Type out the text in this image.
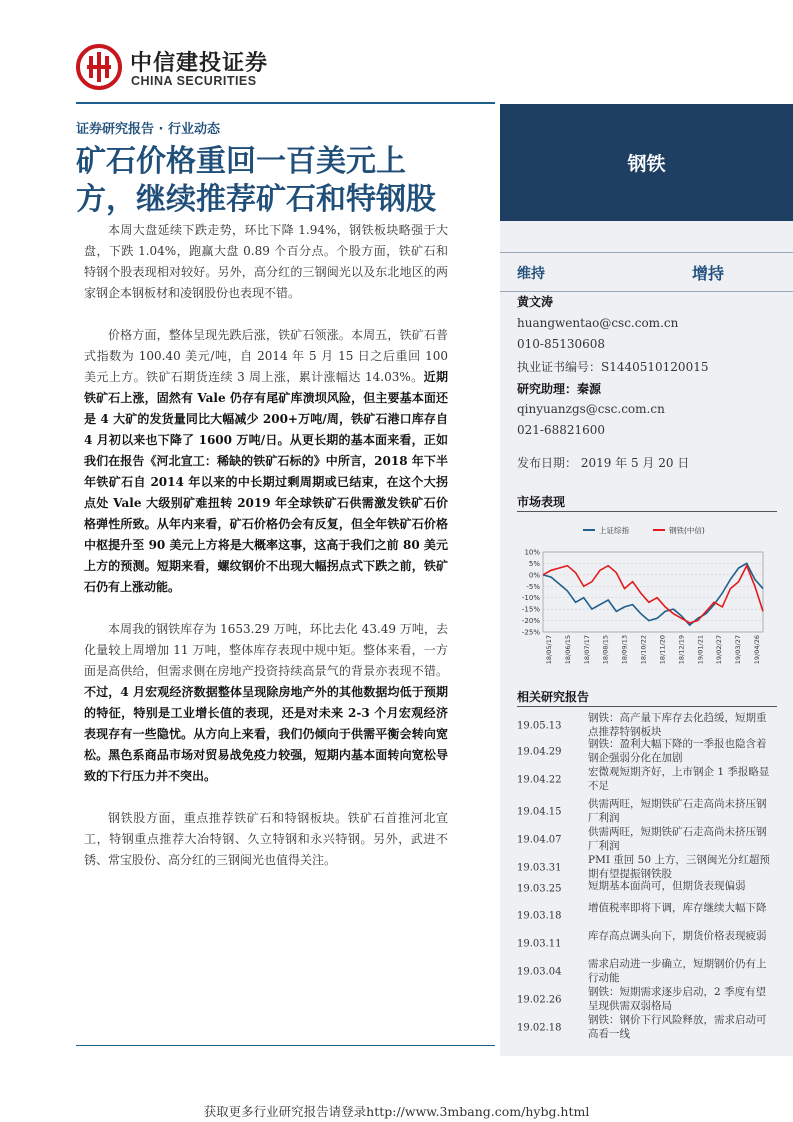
中信建投证券
CHINA SECURITIES
证券研究报告 · 行业动态
矿石价格重回一百美元上
方，继续推荐矿石和特钢股

本周大盘延续下跌走势，环比下降 1.94%，钢铁板块略强于大盘，下跌 1.04%，跑赢大盘 0.89 个百分点。个股方面，铁矿石和特钢个股表现相对较好。另外，高分红的三钢闽光以及东北地区的两家钢企本钢板材和凌钢股份也表现不错。

价格方面，整体呈现先跌后涨，铁矿石领涨。本周五，铁矿石普式指数为 100.40 美元/吨，自 2014 年 5 月 15 日之后重回 100 美元上方。铁矿石期货连续 3 周上涨，累计涨幅达 14.03%。近期铁矿石上涨，固然有 Vale 仍存有尾矿库溃坝风险，但主要基本面还是 4 大矿的发货量同比大幅减少 200+万吨/周，铁矿石港口库存自 4 月初以来也下降了 1600 万吨/日。从更长期的基本面来看，正如我们在报告《河北宣工：稀缺的铁矿石标的》中所言，2018 年下半年铁矿石自 2014 年以来的中长期过剩周期或已结束，在这个大拐点处 Vale 大级别矿难扭转 2019 年全球铁矿石供需激发铁矿石价格弹性所致。从年内来看，矿石价格仍会有反复，但全年铁矿石价格中枢提升至 90 美元上方将是大概率这事，这高于我们之前 80 美元上方的预测。短期来看，螺纹钢价不出现大幅拐点式下跌之前，铁矿石仍有上涨动能。

本周我的钢铁库存为 1653.29 万吨，环比去化 43.49 万吨，去化量较上周增加 11 万吨，整体库存表现中规中矩。整体来看，一方面是高供给，但需求侧在房地产投资持续高景气的背景亦表现不错。不过，4 月宏观经济数据整体呈现除房地产外的其他数据均低于预期的特征，特别是工业增长值的表现，还是对未来 2-3 个月宏观经济表现存有一些隐忧。从方向上来看，我们仍倾向于供需平衡会转向宽松。黑色系商品市场对贸易战免疫力较强，短期内基本面转向宽松导致的下行压力并不突出。

钢铁股方面，重点推荐铁矿石和特钢板块。铁矿石首推河北宣工，特钢重点推荐大冶特钢、久立特钢和永兴特钢。另外，武进不锈、常宝股份、高分红的三钢闽光也值得关注。

钢铁
维持	增持
黄文涛
huangwentao@csc.com.cn
010-85130608
执业证书编号：S1440510120015
研究助理：秦源
qinyuanzgs@csc.com.cn
021-68821600
发布日期： 2019 年 5 月 20 日
市场表现
相关研究报告
上证综指	钢铁(中信)
10%
5%
0%
-5%
-10%
-15%
-20%
-25%
18/05/17 18/06/15 18/07/17 18/08/15 18/09/13 18/10/22 18/11/20 18/12/19 19/01/21 19/02/27 19/03/27 19/04/26
19.05.13
钢铁：高产量下库存去化趋缓，短期重点推荐特钢板块
19.04.29
钢铁：盈利大幅下降的一季报也隐含着钢企强弱分化在加剧
19.04.22
宏微观短期齐好，上市钢企 1 季报略显不足
19.04.15
供需两旺，短期铁矿石走高尚未挤压钢厂利润
19.04.07
供需两旺，短期铁矿石走高尚未挤压钢厂利润
19.03.31
PMI 重回 50 上方，三钢闽光分红超预期有望提振钢铁股
19.03.25	短期基本面尚可，但期货表现偏弱
19.03.18
增值税率即将下调，库存继续大幅下降
19.03.11
库存高点调头向下，期货价格表现疲弱
19.03.04
需求启动进一步确立，短期钢价仍有上行动能
19.02.26
钢铁：短期需求逐步启动，2 季度有望呈现供需双弱格局
19.02.18
钢铁：钢价下行风险释放，需求启动可高看一线
获取更多行业研究报告请登录http://www.3mbang.com/hybg.html
